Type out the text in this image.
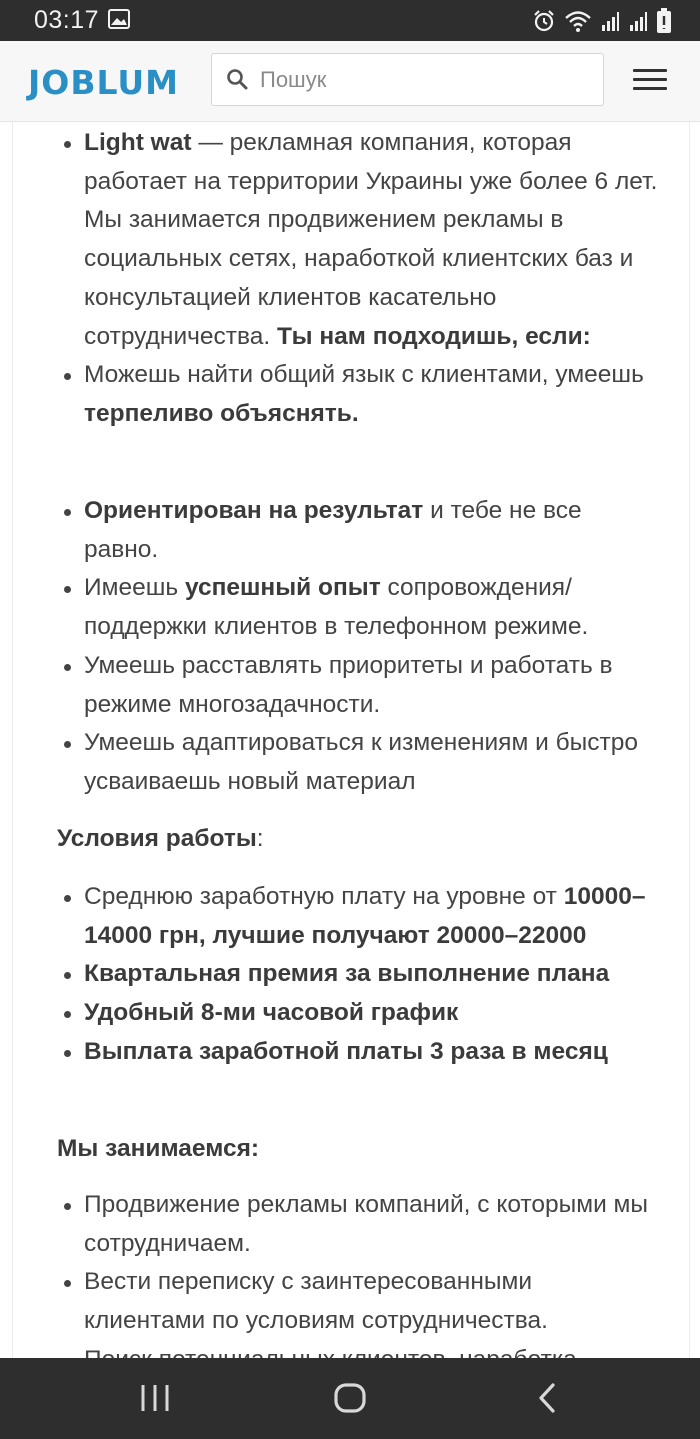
03:17
JOBLUM
Пошук
Light wat — рекламная компания, которая работает на территории Украины уже более 6 лет. Мы занимается продвижением рекламы в социальных сетях, наработкой клиентских баз и консультацией клиентов касательно сотрудничества. Ты нам подходишь, если:
Можешь найти общий язык с клиентами, умеешь терпеливо объяснять.
Ориентирован на результат и тебе не все равно.
Имеешь успешный опыт сопровождения/ поддержки клиентов в телефонном режиме.
Умеешь расставлять приоритеты и работать в режиме многозадачности.
Умеешь адаптироваться к изменениям и быстро усваиваешь новый материал
Условия работы:
Среднюю заработную плату на уровне от 10000–14000 грн, лучшие получают 20000–22000
Квартальная премия за выполнение плана
Удобный 8-ми часовой график
Выплата заработной платы 3 раза в месяц
Мы занимаемся:
Продвижение рекламы компаний, с которыми мы сотрудничаем.
Вести переписку с заинтересованными клиентами по условиям сотрудничества.
